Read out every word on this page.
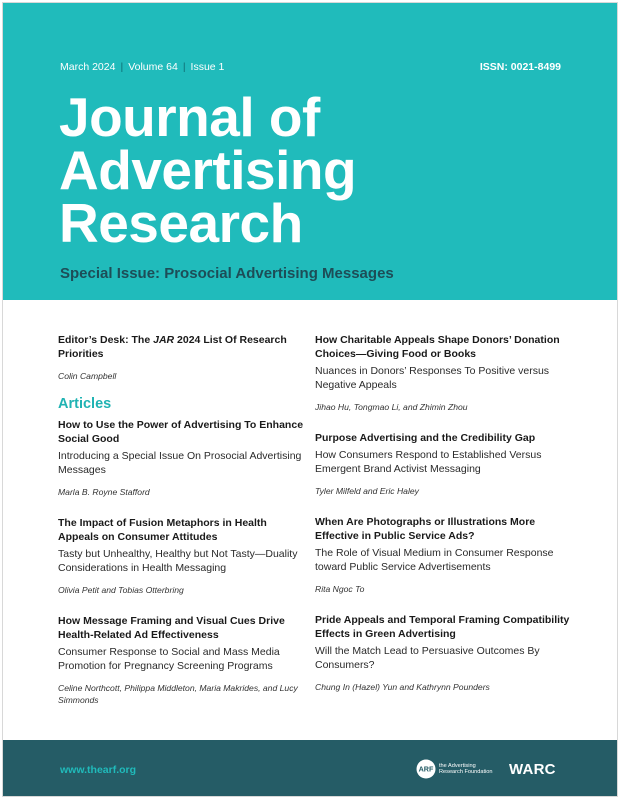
March 2024 | Volume 64 | Issue 1	ISSN: 0021-8499
Journal of
Advertising
Research
Special Issue: Prosocial Advertising Messages
Editor’s Desk: The JAR 2024 List Of Research Priorities
Colin Campbell
Articles
How to Use the Power of Advertising To Enhance Social Good
Introducing a Special Issue On Prosocial Advertising Messages
Marla B. Royne Stafford
The Impact of Fusion Metaphors in Health Appeals on Consumer Attitudes
Tasty but Unhealthy, Healthy but Not Tasty—Duality Considerations in Health Messaging
Olivia Petit and Tobias Otterbring
How Message Framing and Visual Cues Drive Health-Related Ad Effectiveness
Consumer Response to Social and Mass Media Promotion for Pregnancy Screening Programs
Celine Northcott, Philippa Middleton, Maria Makrides, and Lucy Simmonds
How Charitable Appeals Shape Donors’ Donation Choices—Giving Food or Books
Nuances in Donors’ Responses To Positive versus Negative Appeals
Jihao Hu, Tongmao Li, and Zhimin Zhou
Purpose Advertising and the Credibility Gap
How Consumers Respond to Established Versus Emergent Brand Activist Messaging
Tyler Milfeld and Eric Haley
When Are Photographs or Illustrations More Effective in Public Service Ads?
The Role of Visual Medium in Consumer Response toward Public Service Advertisements
Rita Ngoc To
Pride Appeals and Temporal Framing Compatibility Effects in Green Advertising
Will the Match Lead to Persuasive Outcomes By Consumers?
Chung In (Hazel) Yun and Kathrynn Pounders
www.thearf.org	ARF the Advertising
Research Foundation WARC
